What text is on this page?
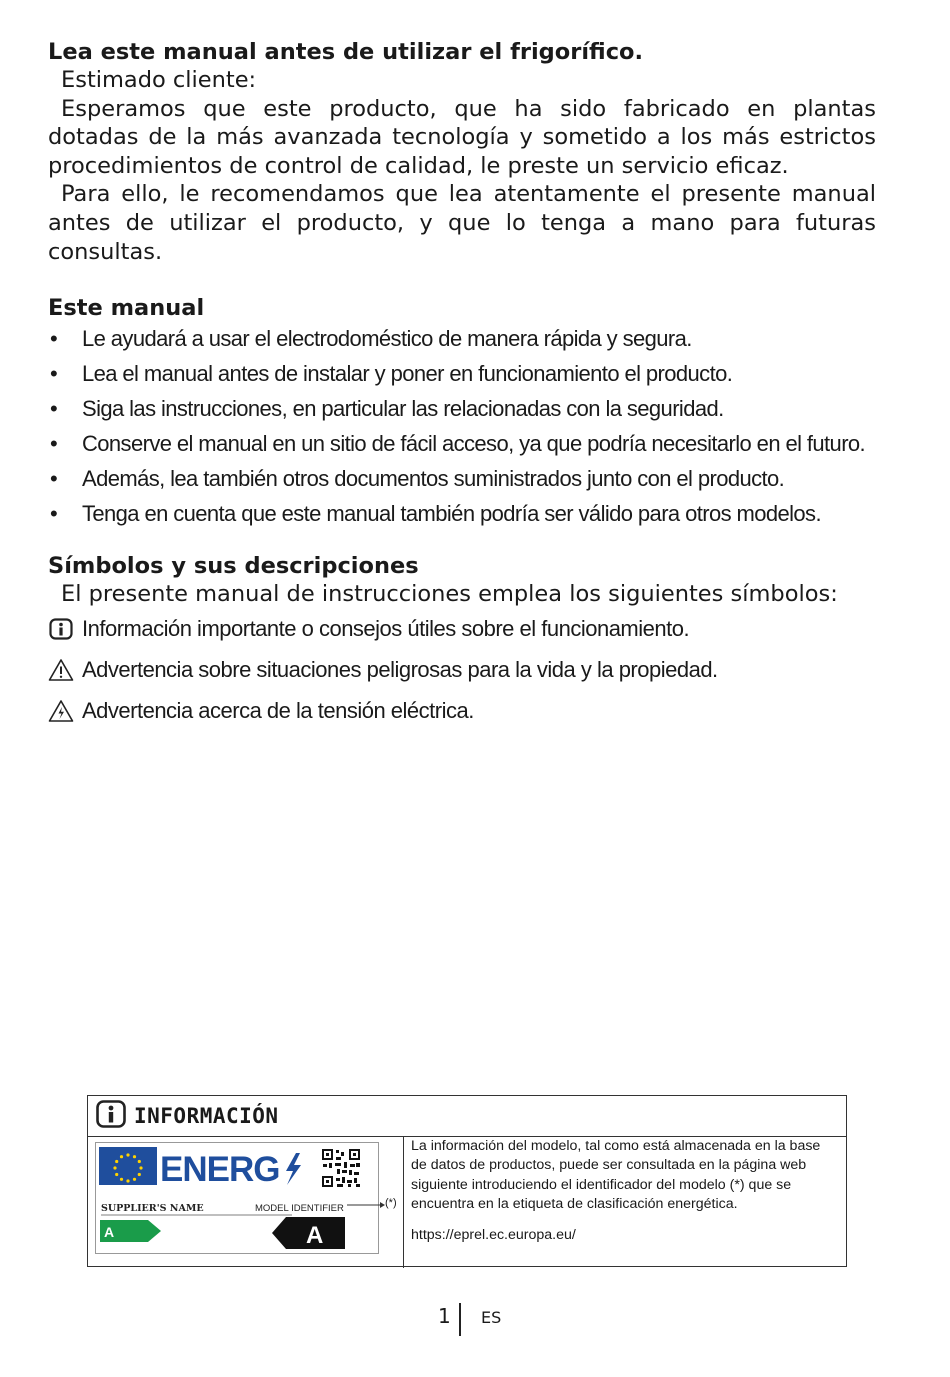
Lea este manual antes de utilizar el frigorífico.

Estimado cliente:

Esperamos que este producto, que ha sido fabricado en plantas dotadas de la más avanzada tecnología y sometido a los más estrictos procedimientos de control de calidad, le preste un servicio eficaz.

Para ello, le recomendamos que lea atentamente el presente manual antes de utilizar el producto, y que lo tenga a mano para futuras consultas.

Este manual

• Le ayudará a usar el electrodoméstico de manera rápida y segura.
• Lea el manual antes de instalar y poner en funcionamiento el producto.
• Siga las instrucciones, en particular las relacionadas con la seguridad.
• Conserve el manual en un sitio de fácil acceso, ya que podría necesitarlo en el futuro.
• Además, lea también otros documentos suministrados junto con el producto.
• Tenga en cuenta que este manual también podría ser válido para otros modelos.

Símbolos y sus descripciones

El presente manual de instrucciones emplea los siguientes símbolos:

Información importante o consejos útiles sobre el funcionamiento.
Advertencia sobre situaciones peligrosas para la vida y la propiedad.
Advertencia acerca de la tensión eléctrica.
INFORMACIÓN
ENERG
SUPPLIER'S NAME	MODEL IDENTIFIER
A	A
(*)

La información del modelo, tal como está almacenada en la base de datos de productos, puede ser consultada en la página web siguiente introduciendo el identificador del modelo (*) que se encuentra en la etiqueta de clasificación energética.

https://eprel.ec.europa.eu/

1 ES
